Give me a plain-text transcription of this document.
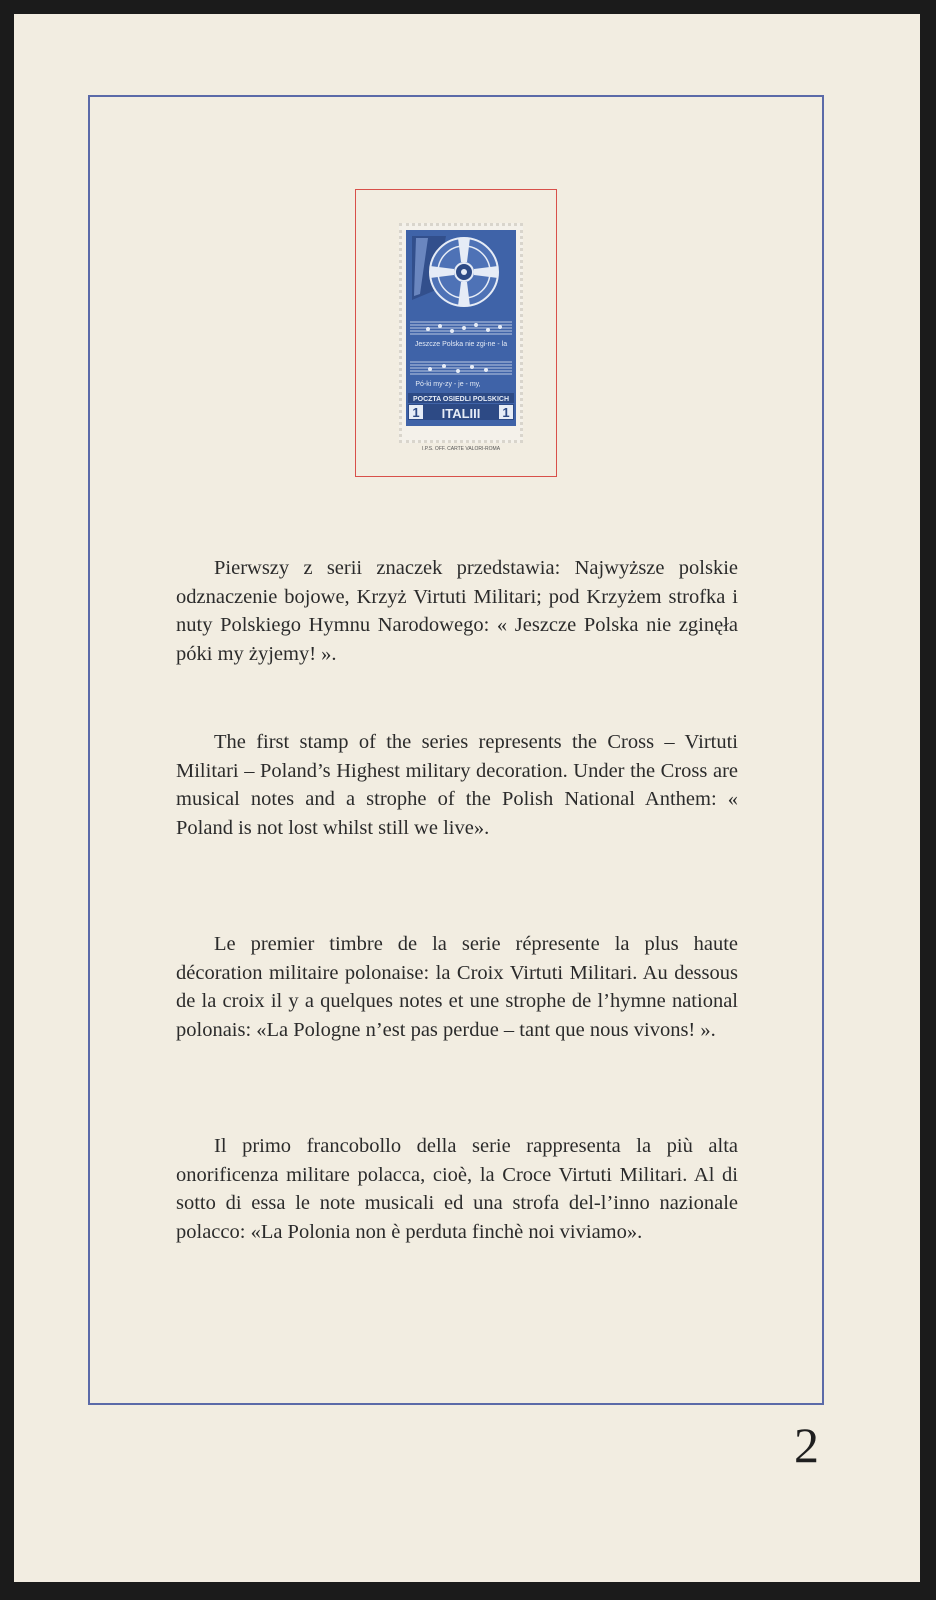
Jeszcze Polska nie zgi-ne - la
Pó-ki my-zy - je - my,
POCZTA OSIEDLI POLSKICH
1	1
ITALIII
I.P.S. OFF. CARTE VALORI-ROMA

Pierwszy z serii znaczek przedstawia: Najwyższe polskie odznaczenie bojowe, Krzyż Virtuti Militari; pod Krzyżem strofka i nuty Polskiego Hymnu Narodowego: « Jeszcze Polska nie zginęła póki my żyjemy! ».

The first stamp of the series represents the Cross – Virtuti Militari – Poland’s Highest military decoration. Under the Cross are musical notes and a strophe of the Polish National Anthem: « Poland is not lost whilst still we live».

Le premier timbre de la serie répresente la plus haute décoration militaire polonaise: la Croix Virtuti Militari. Au dessous de la croix il y a quelques notes et une strophe de l’hymne national polonais: «La Pologne n’est pas perdue – tant que nous vivons! ».

Il primo francobollo della serie rappresenta la più alta onorificenza militare polacca, cioè, la Croce Virtuti Militari. Al di sotto di essa le note musicali ed una strofa del-l’inno nazionale polacco: «La Polonia non è perduta finchè noi viviamo».

2
